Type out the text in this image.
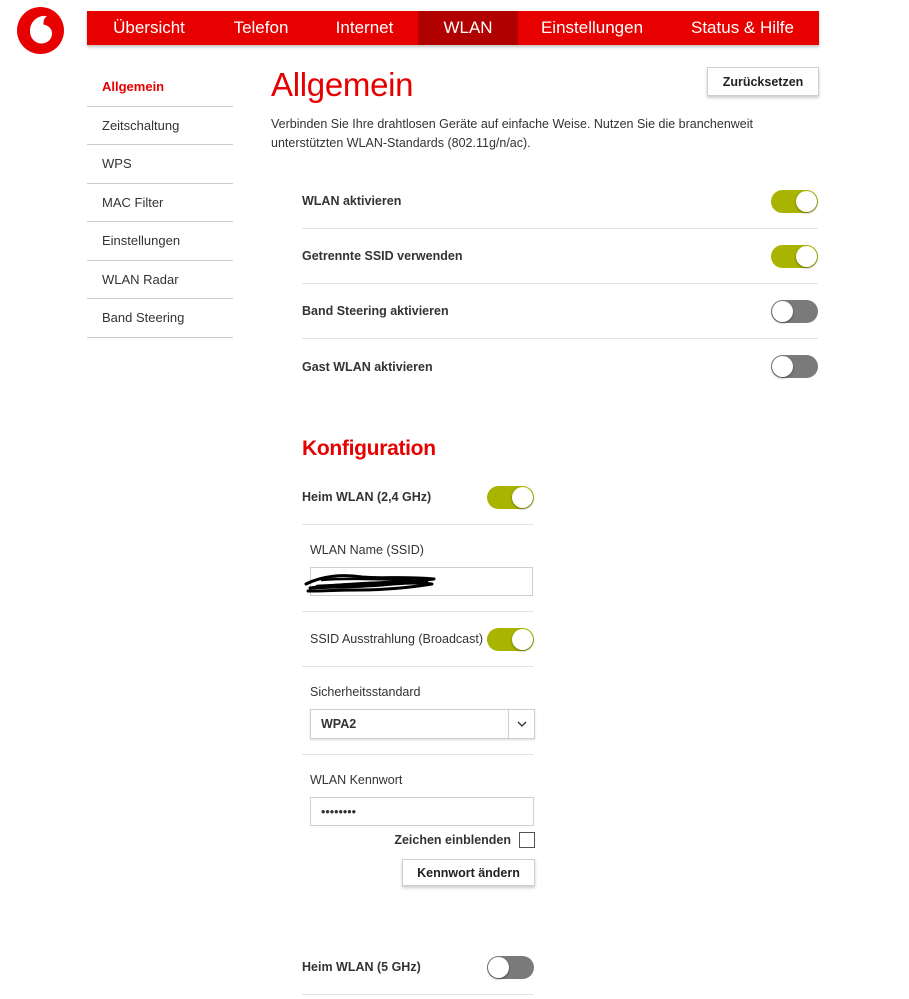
Übersicht	Telefon	Internet	WLAN	Einstellungen	Status & Hilfe
Allgemein
Zeitschaltung
WPS
MAC Filter
Einstellungen
WLAN Radar
Band Steering
Allgemein	Zurücksetzen

Verbinden Sie Ihre drahtlosen Geräte auf einfache Weise. Nutzen Sie die branchenweit unterstützten WLAN-Standards (802.11g/n/ac).

WLAN aktivieren
Getrennte SSID verwenden
Band Steering aktivieren
Gast WLAN aktivieren
Konfiguration
Heim WLAN (2,4 GHz)
WLAN Name (SSID)
SSID Ausstrahlung (Broadcast)
Sicherheitsstandard
WPA2
WLAN Kennwort
••••••••
Zeichen einblenden
Kennwort ändern
Heim WLAN (5 GHz)
